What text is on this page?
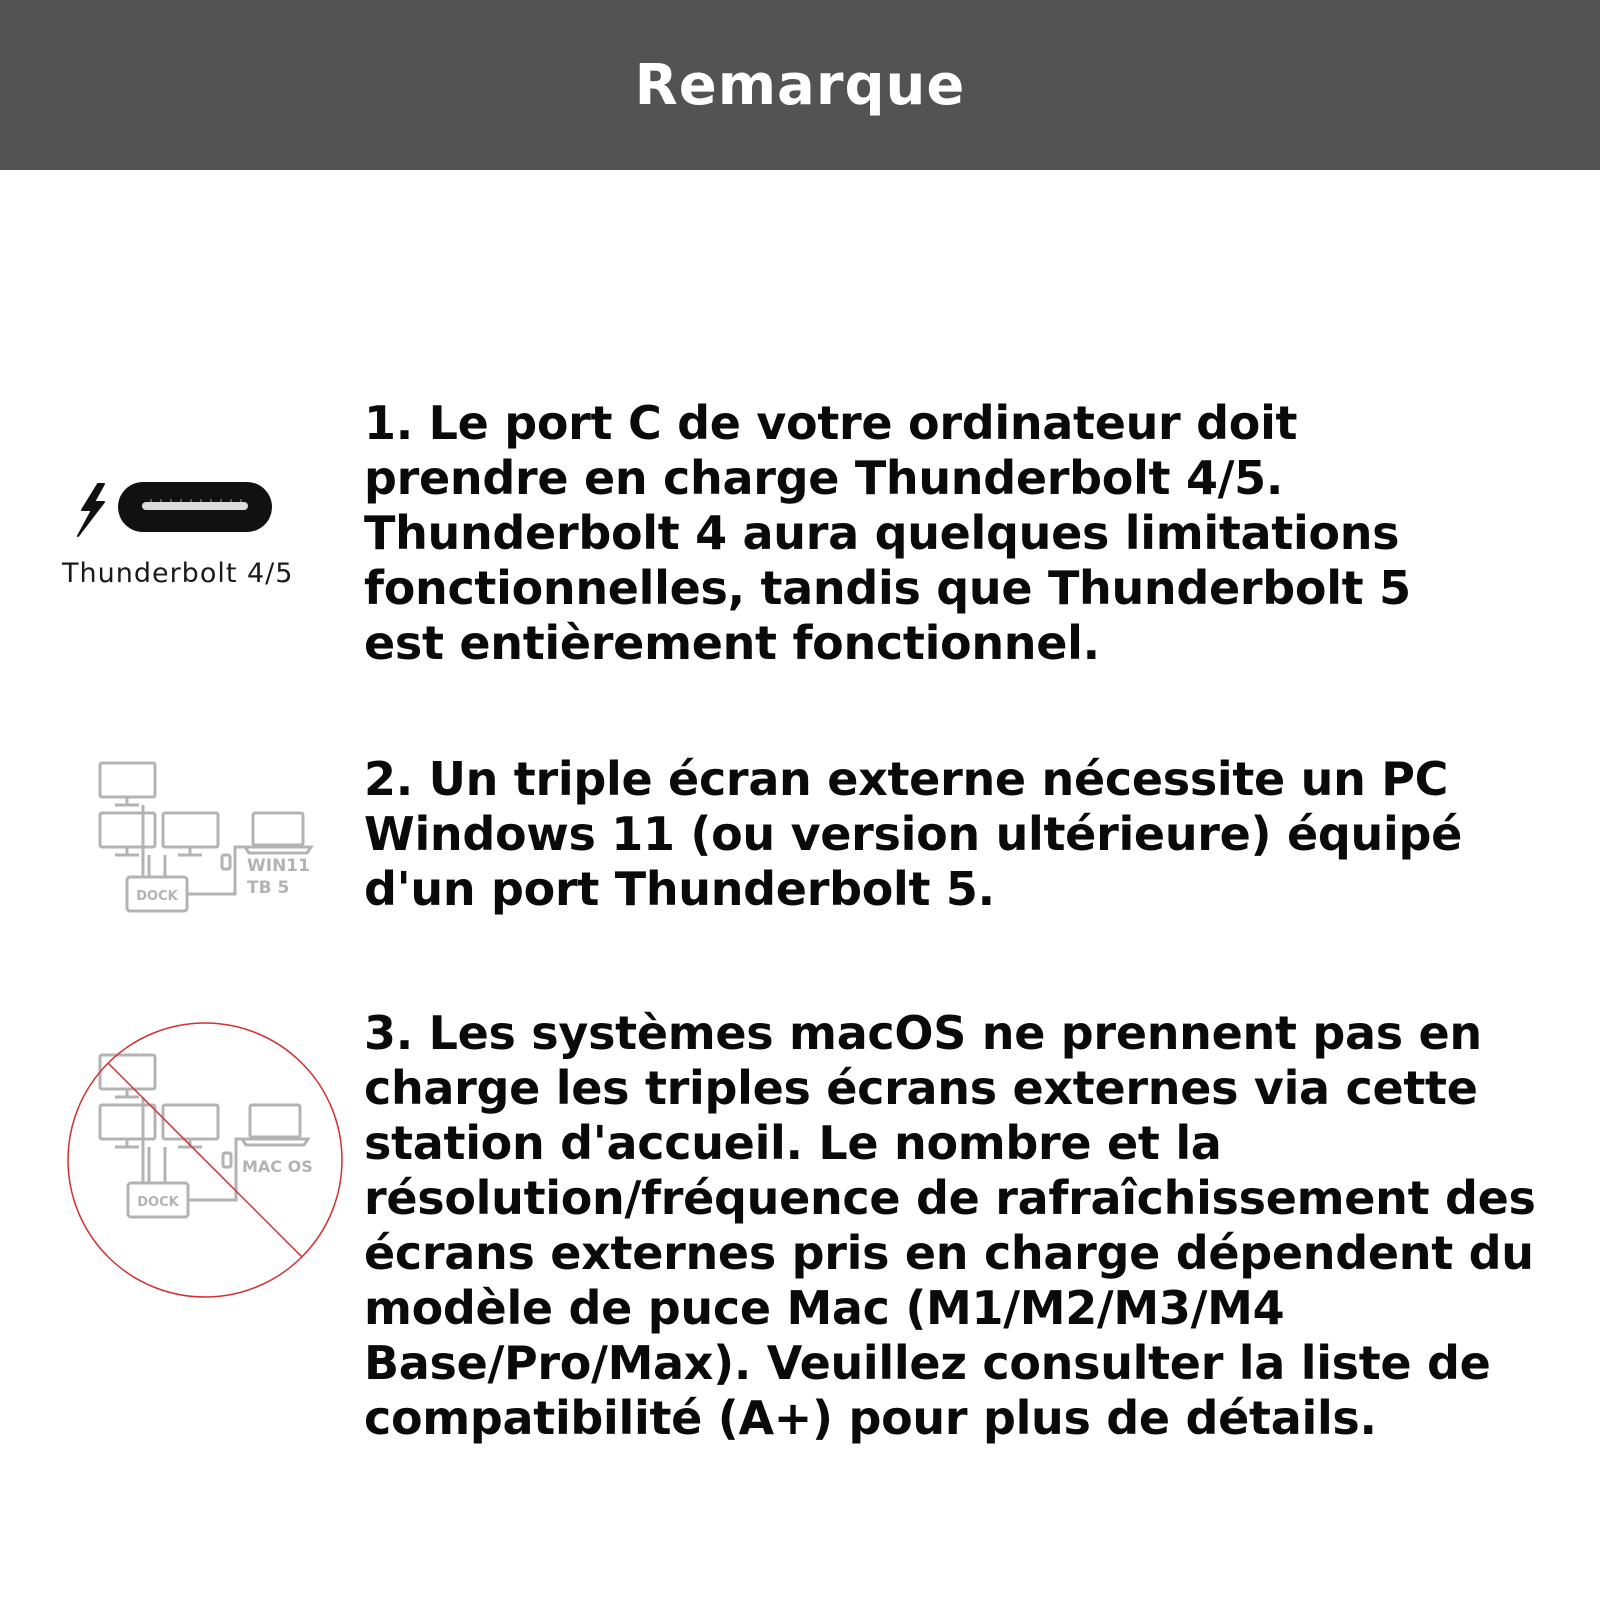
Remarque
Thunderbolt 4/5

1. Le port C de votre ordinateur doit
prendre en charge Thunderbolt 4/5.
Thunderbolt 4 aura quelques limitations
fonctionnelles, tandis que Thunderbolt 5
est entièrement fonctionnel.

DOCK
WIN11
TB 5

2. Un triple écran externe nécessite un PC
Windows 11 (ou version ultérieure) équipé
d'un port Thunderbolt 5.

DOCK
MAC OS

3. Les systèmes macOS ne prennent pas en
charge les triples écrans externes via cette
station d'accueil. Le nombre et la
résolution/fréquence de rafraîchissement des
écrans externes pris en charge dépendent du
modèle de puce Mac (M1/M2/M3/M4
Base/Pro/Max). Veuillez consulter la liste de
compatibilité (A+) pour plus de détails.
